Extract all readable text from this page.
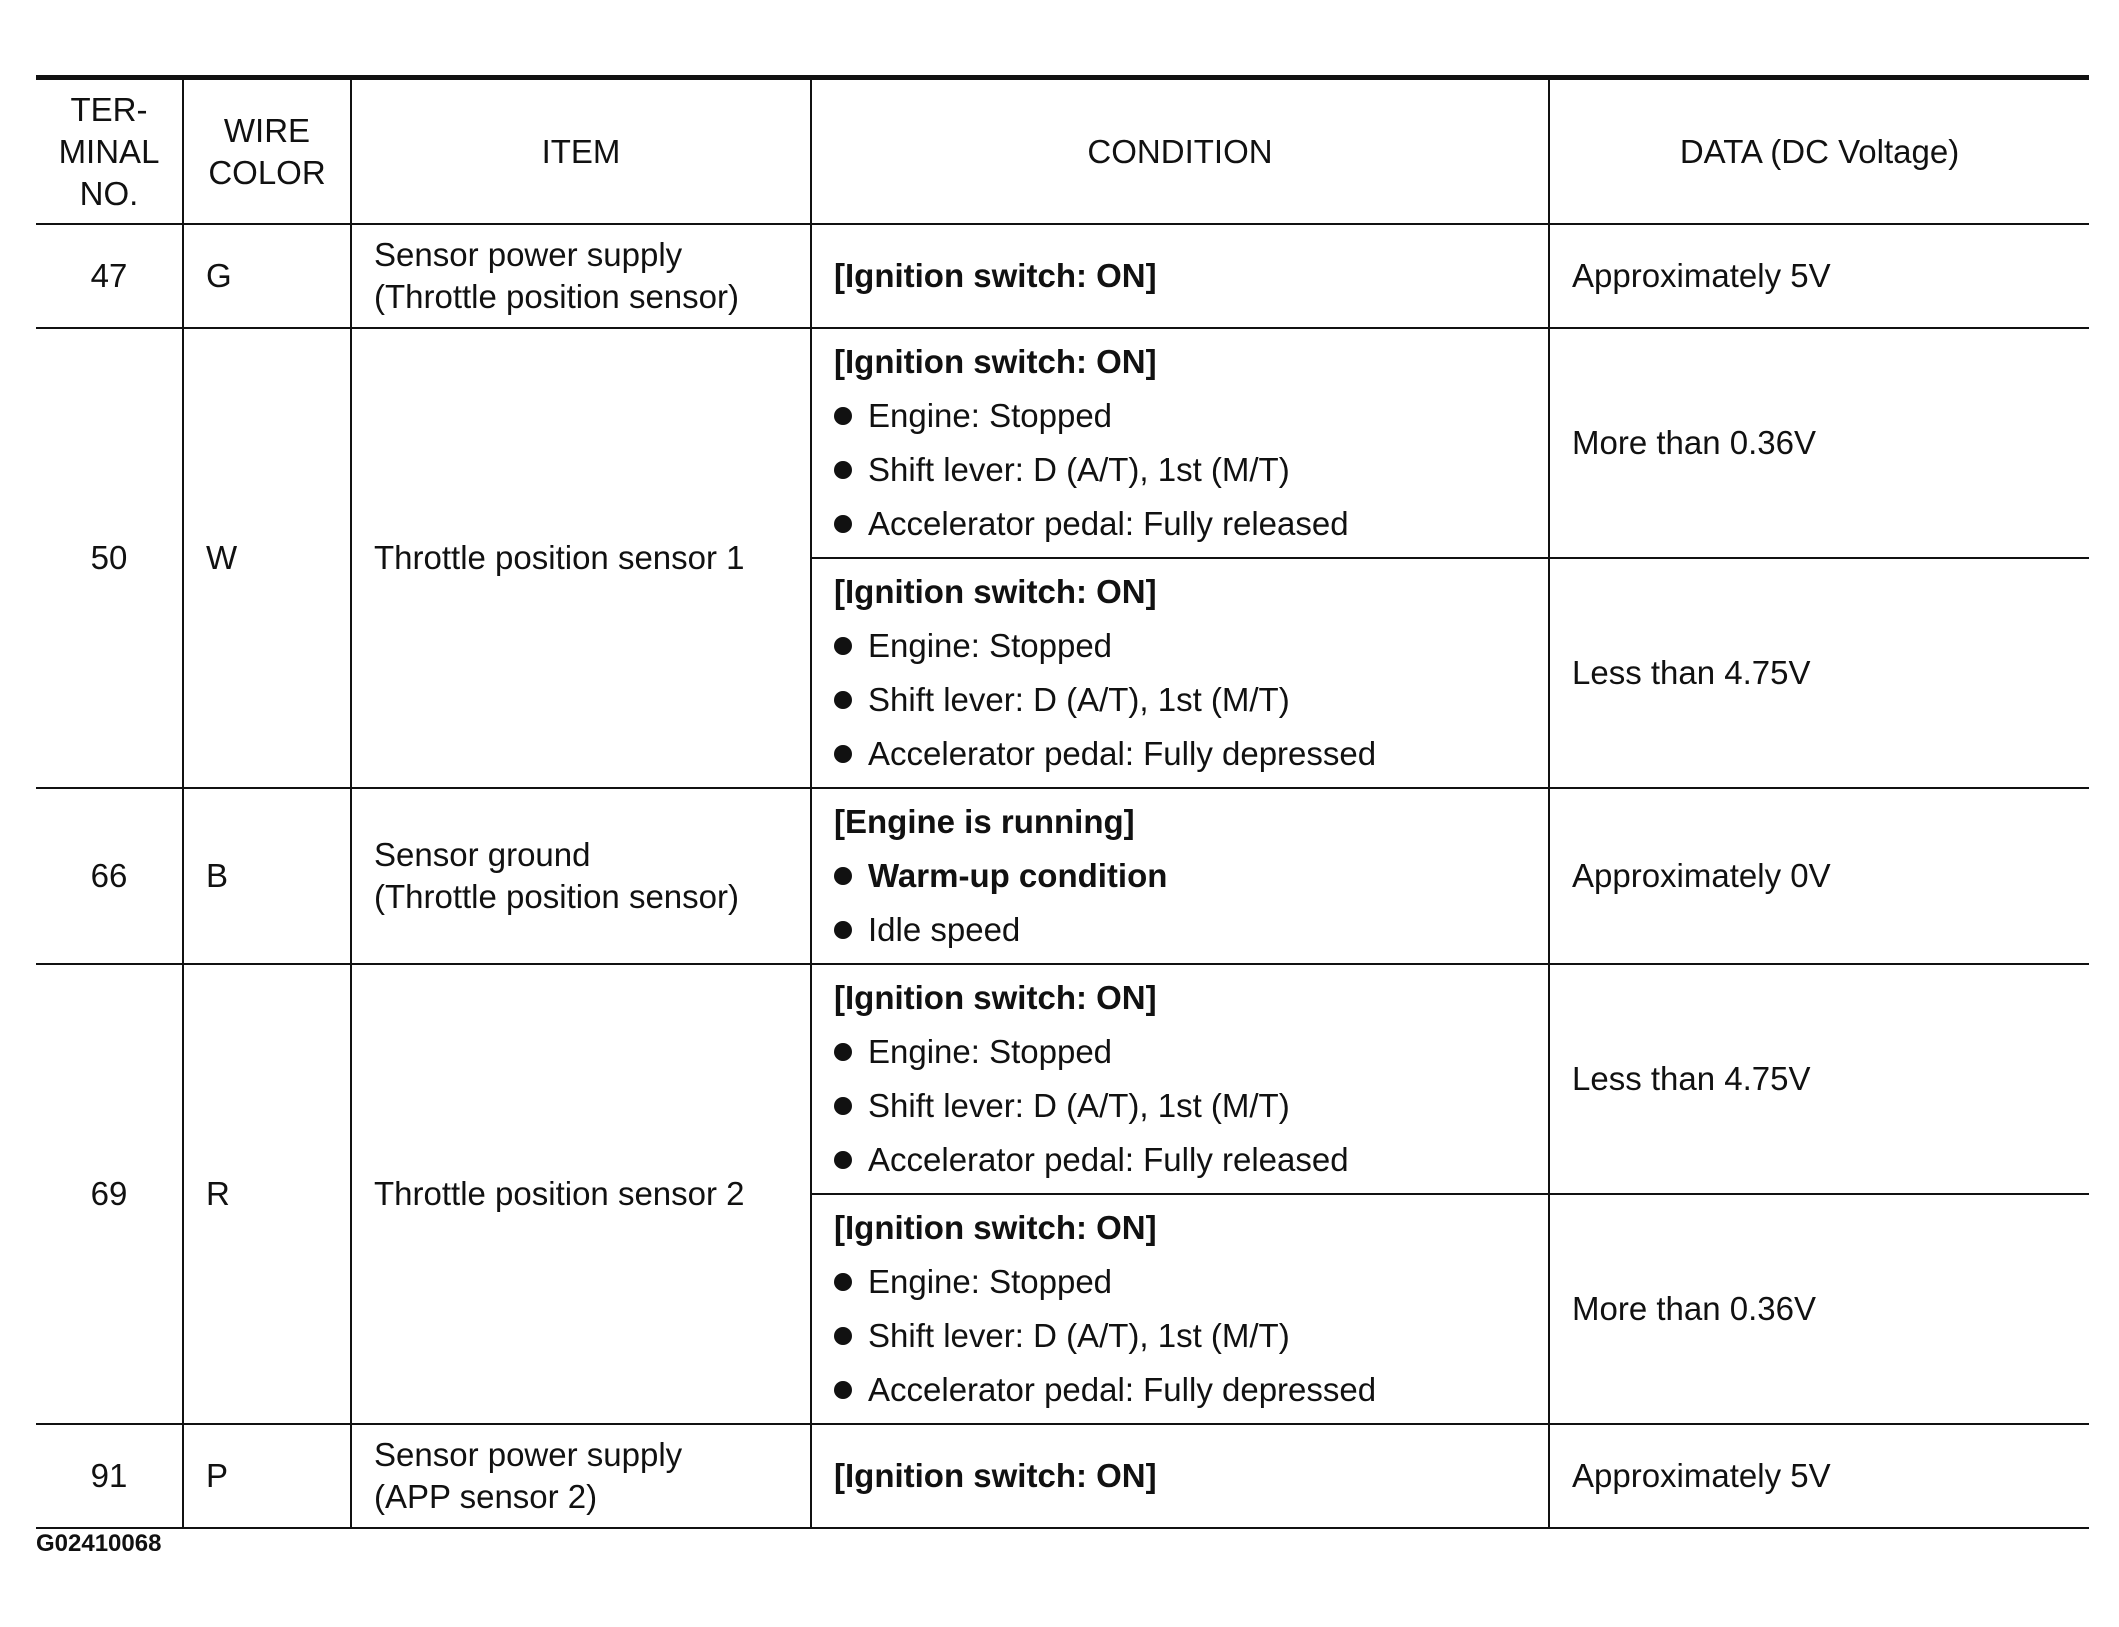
TER-
MINAL
NO.	WIRE
COLOR	ITEM	CONDITION	DATA (DC Voltage)
47	G	Sensor power supply
(Throttle position sensor)	[Ignition switch: ON]	Approximately 5V
50	W	Throttle position sensor 1	[Ignition switch: ON]
Engine: Stopped
Shift lever: D (A/T), 1st (M/T)
Accelerator pedal: Fully released	More than 0.36V

			[Ignition switch: ON]
Engine: Stopped
Shift lever: D (A/T), 1st (M/T)
Accelerator pedal: Fully depressed	Less than 4.75V
66	B	Sensor ground
(Throttle position sensor)	[Engine is running]
Warm-up condition
Idle speed	Approximately 0V
69	R	Throttle position sensor 2	[Ignition switch: ON]
Engine: Stopped
Shift lever: D (A/T), 1st (M/T)
Accelerator pedal: Fully released	Less than 4.75V

			[Ignition switch: ON]
Engine: Stopped
Shift lever: D (A/T), 1st (M/T)
Accelerator pedal: Fully depressed	More than 0.36V
91	P	Sensor power supply
(APP sensor 2)	[Ignition switch: ON]	Approximately 5V
G02410068
